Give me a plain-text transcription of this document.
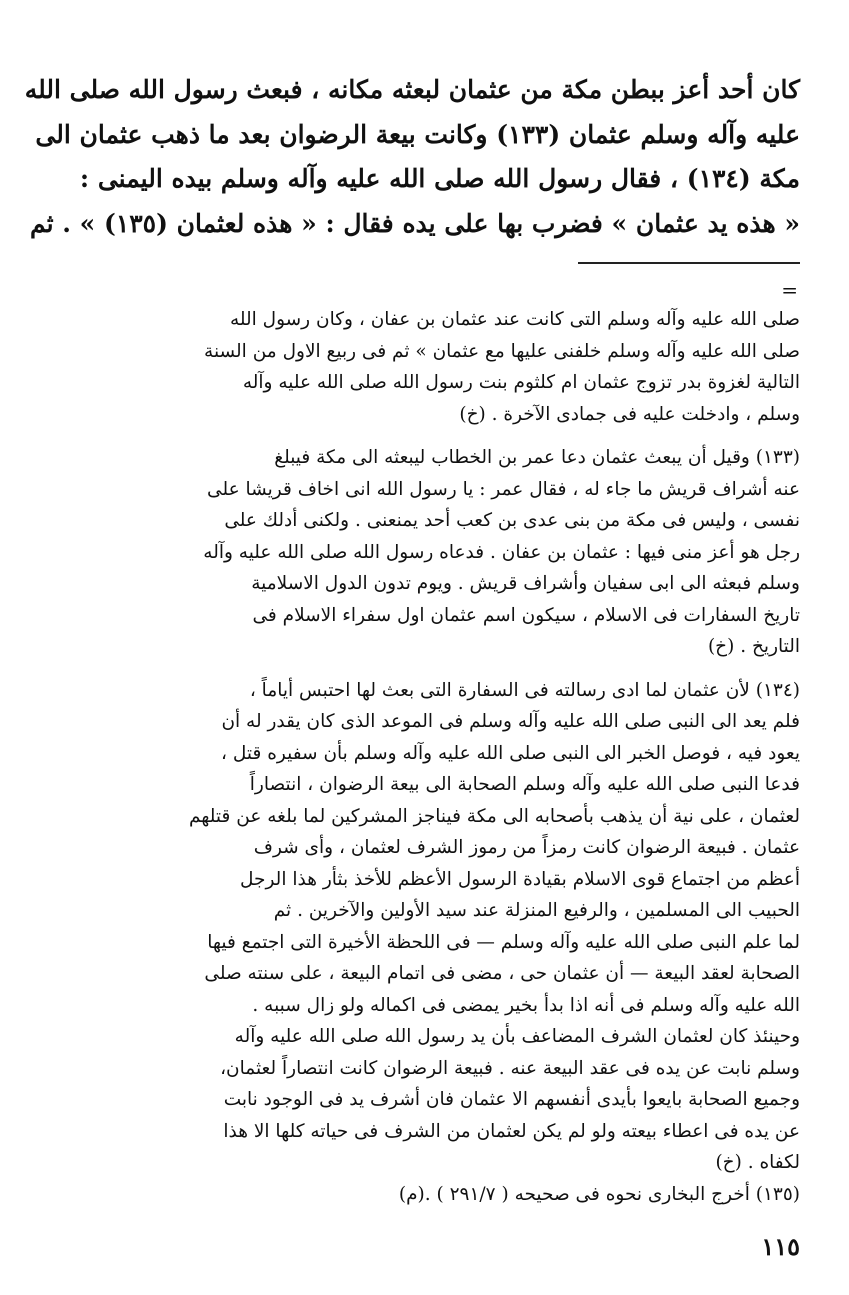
كان أحد أعز ببطن مكة من عثمان لبعثه مكانه ، فبعث رسول الله صلى الله
عليه وآله وسلم عثمان (١٣٣) وكانت بيعة الرضوان بعد ما ذهب عثمان الى
مكة (١٣٤) ، فقال رسول الله صلى الله عليه وآله وسلم بيده اليمنى :
« هذه يد عثمان » فضرب بها على يده فقال : « هذه لعثمان (١٣٥) » . ثم
=
صلى الله عليه وآله وسلم التى كانت عند عثمان بن عفان ، وكان رسول الله
صلى الله عليه وآله وسلم خلفنى عليها مع عثمان » ثم فى ربيع الاول من السنة
التالية لغزوة بدر تزوج عثمان ام كلثوم بنت رسول الله صلى الله عليه وآله
وسلم ، وادخلت عليه فى جمادى الآخرة . (خ)
(١٣٣) وقيل أن يبعث عثمان دعا عمر بن الخطاب ليبعثه الى مكة فيبلغ
عنه أشراف قريش ما جاء له ، فقال عمر : يا رسول الله انى اخاف قريشا على
نفسى ، وليس فى مكة من بنى عدى بن كعب أحد يمنعنى . ولكنى أدلك على
رجل هو أعز منى فيها : عثمان بن عفان . فدعاه رسول الله صلى الله عليه وآله
وسلم فبعثه الى ابى سفيان وأشراف قريش . ويوم تدون الدول الاسلامية
تاريخ السفارات فى الاسلام ، سيكون اسم عثمان اول سفراء الاسلام فى
التاريخ . (خ)
(١٣٤) لأن عثمان لما ادى رسالته فى السفارة التى بعث لها احتبس أياماً ،
فلم يعد الى النبى صلى الله عليه وآله وسلم فى الموعد الذى كان يقدر له أن
يعود فيه ، فوصل الخبر الى النبى صلى الله عليه وآله وسلم بأن سفيره قتل ،
فدعا النبى صلى الله عليه وآله وسلم الصحابة الى بيعة الرضوان ، انتصاراً
لعثمان ، على نية أن يذهب بأصحابه الى مكة فيناجز المشركين لما بلغه عن قتلهم
عثمان . فبيعة الرضوان كانت رمزاً من رموز الشرف لعثمان ، وأى شرف
أعظم من اجتماع قوى الاسلام بقيادة الرسول الأعظم للأخذ بثأر هذا الرجل
الحبيب الى المسلمين ، والرفيع المنزلة عند سيد الأولين والآخرين . ثم
لما علم النبى صلى الله عليه وآله وسلم — فى اللحظة الأخيرة التى اجتمع فيها
الصحابة لعقد البيعة — أن عثمان حى ، مضى فى اتمام البيعة ، على سنته صلى
الله عليه وآله وسلم فى أنه اذا بدأ بخير يمضى فى اكماله ولو زال سببه .
وحينئذ كان لعثمان الشرف المضاعف بأن يد رسول الله صلى الله عليه وآله
وسلم نابت عن يده فى عقد البيعة عنه . فبيعة الرضوان كانت انتصاراً لعثمان،
وجميع الصحابة بايعوا بأيدى أنفسهم الا عثمان فان أشرف يد فى الوجود نابت
عن يده فى اعطاء بيعته ولو لم يكن لعثمان من الشرف فى حياته كلها الا هذا
لكفاه . (خ)
(١٣٥) أخرج البخارى نحوه فى صحيحه ( ٢٩١/٧ ) .(م)
١١٥
